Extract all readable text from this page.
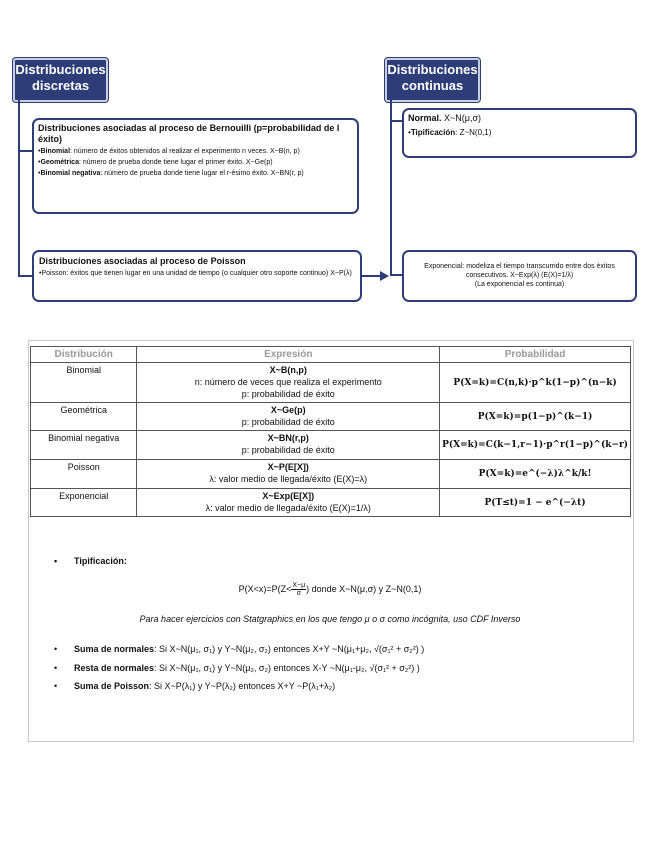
Distribuciones
discretas
Distribuciones
continuas
Distribuciones asociadas al proceso de Bernouilli (p=probabilidad de l éxito)
•Binomial: número de éxitos obtenidos al realizar el experimento n veces. X~B(n, p)
•Geométrica: número de prueba donde tiene lugar el primer éxito. X~Ge(p)
•Binomial negativa: número de prueba donde tiene lugar el r-ésimo éxito. X~BN(r, p)
Distribuciones asociadas al proceso de Poisson
•Poisson: éxitos que tienen lugar en una unidad de tiempo (o cualquier otro soporte continuo) X~P(λ)
Normal. X~N(μ,σ)
•Tipificación: Z~N(0,1)
Exponencial: modeliza el tiempo transcurrido entre dos éxitos consecutivos. X~Exp(λ) (E(X)=1/λ)
(La exponencial es continua)
Distribución	Expresión	Probabilidad
Binomial	X~B(n,p)
n: número de veces que realiza el experimento
p: probabilidad de éxito	P(X=k)=C(n,k)·p^k(1−p)^(n−k)
Geométrica	X~Ge(p)
p: probabilidad de éxito	P(X=k)=p(1−p)^(k−1)
Binomial negativa	X~BN(r,p)
p: probabilidad de éxito	P(X=k)=C(k−1,r−1)·p^r(1−p)^(k−r)
Poisson	X~P(E[X])
λ: valor medio de llegada/éxito (E(X)=λ)	P(X=k)=e^(−λ)λ^k/k!
Exponencial	X~Exp(E[X])
λ: valor medio de llegada/éxito (E(X)=1/λ)	P(T≤t)=1 − e^(−λt)
• Tipificación:
$P(X<x)=P(Z< \frac{X-\mu}{\sigma}$ ) donde X~N(μ,σ) y Z~N(0,1)
Para hacer ejercicios con Statgraphics en los que tengo μ o σ como incógnita, uso CDF Inverso
• Suma de normales: Si X~N(μ₁, σ₁) y Y~N(μ₂, σ₂) entonces X+Y ~N(μ₁+μ₂, √(σ₁² + σ₂²) )
• Resta de normales: Si X~N(μ₁, σ₁) y Y~N(μ₂, σ₂) entonces X-Y ~N(μ₁-μ₂, √(σ₁² + σ₂²) )
• Suma de Poisson: Si X~P(λ₁) y Y~P(λ₂) entonces X+Y ~P(λ₁+λ₂)
